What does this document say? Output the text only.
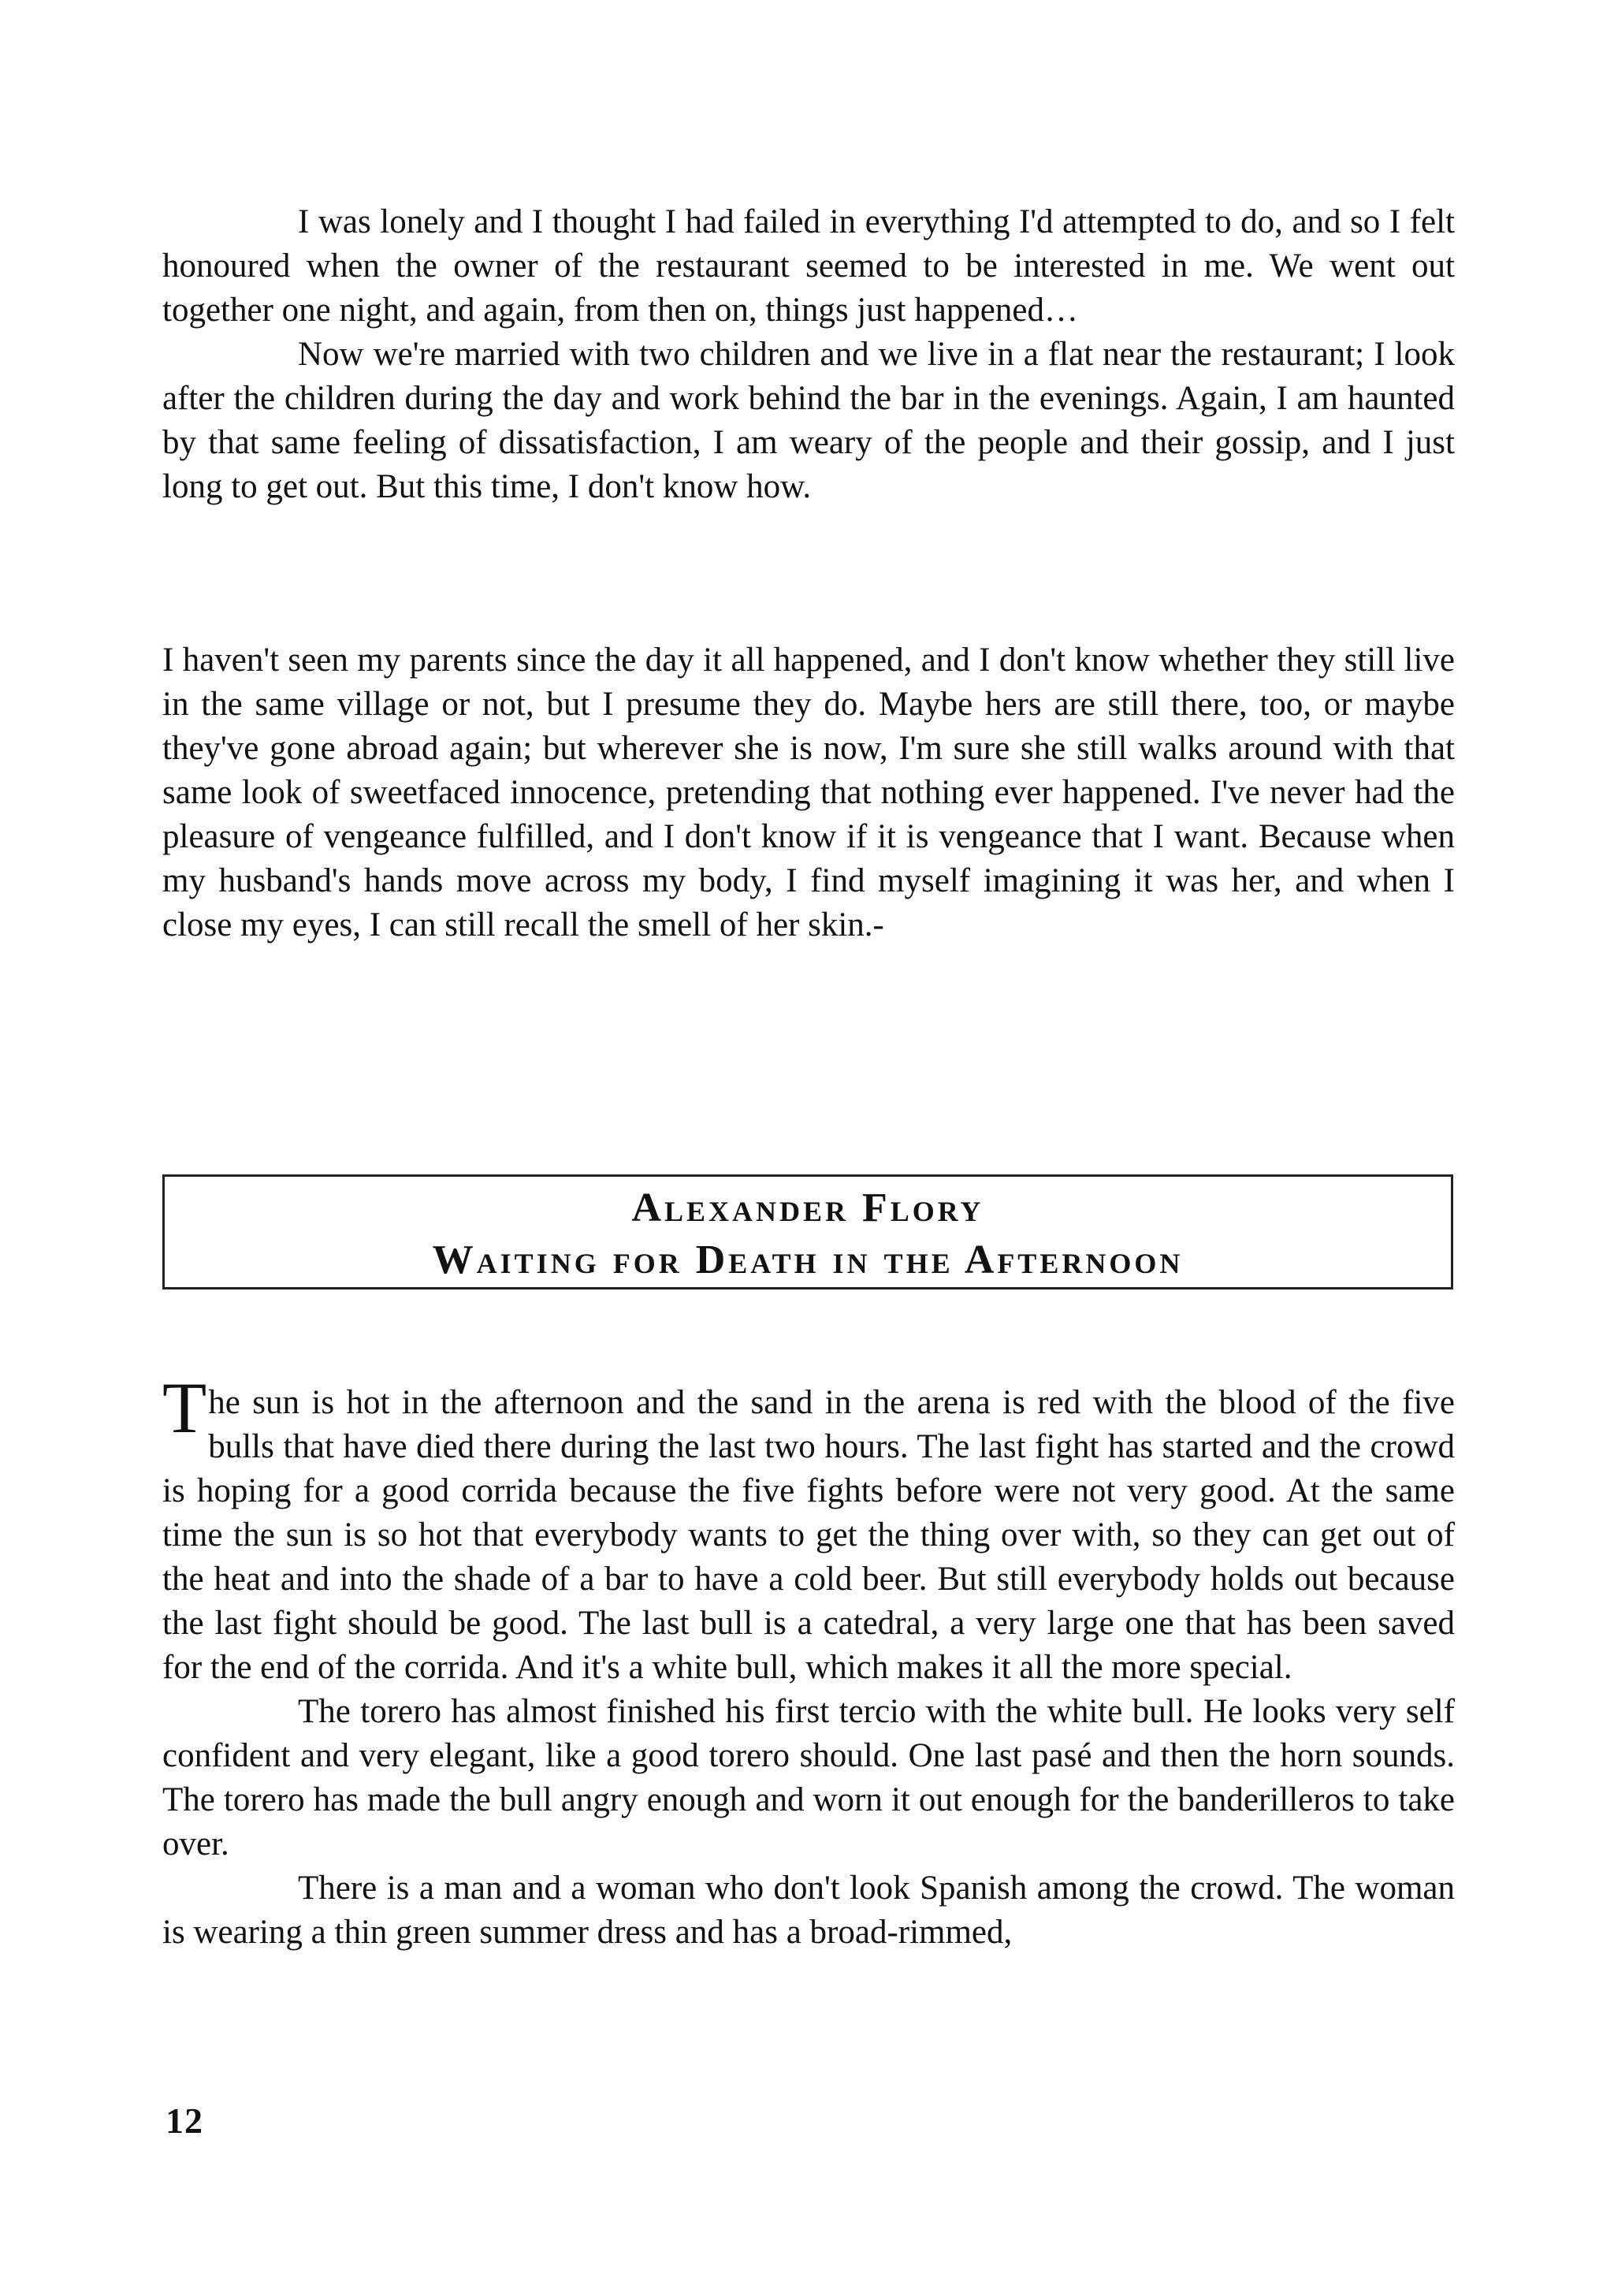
I was lonely and I thought I had failed in everything I'd attempted to do, and so I felt honoured when the owner of the restaurant seemed to be interested in me. We went out together one night, and again, from then on, things just happened…

Now we're married with two children and we live in a flat near the restaurant; I look after the children during the day and work behind the bar in the evenings. Again, I am haunted by that same feeling of dissatisfaction, I am weary of the people and their gossip, and I just long to get out. But this time, I don't know how.

I haven't seen my parents since the day it all happened, and I don't know whether they still live in the same village or not, but I presume they do. Maybe hers are still there, too, or maybe they've gone abroad again; but wherever she is now, I'm sure she still walks around with that same look of sweetfaced innocence, pretending that nothing ever happened. I've never had the pleasure of vengeance fulfilled, and I don't know if it is vengeance that I want. Because when my husband's hands move across my body, I find myself imagining it was her, and when I close my eyes, I can still recall the smell of her skin.-

Alexander Flory
Waiting for Death in the Afternoon

The sun is hot in the afternoon and the sand in the arena is red with the blood of the five bulls that have died there during the last two hours. The last fight has started and the crowd is hoping for a good corrida because the five fights before were not very good. At the same time the sun is so hot that everybody wants to get the thing over with, so they can get out of the heat and into the shade of a bar to have a cold beer. But still everybody holds out because the last fight should be good. The last bull is a catedral, a very large one that has been saved for the end of the corrida. And it's a white bull, which makes it all the more special.

The torero has almost finished his first tercio with the white bull. He looks very self confident and very elegant, like a good torero should. One last pasé and then the horn sounds. The torero has made the bull angry enough and worn it out enough for the banderilleros to take over.

There is a man and a woman who don't look Spanish among the crowd. The woman is wearing a thin green summer dress and has a broad-rimmed,

12
